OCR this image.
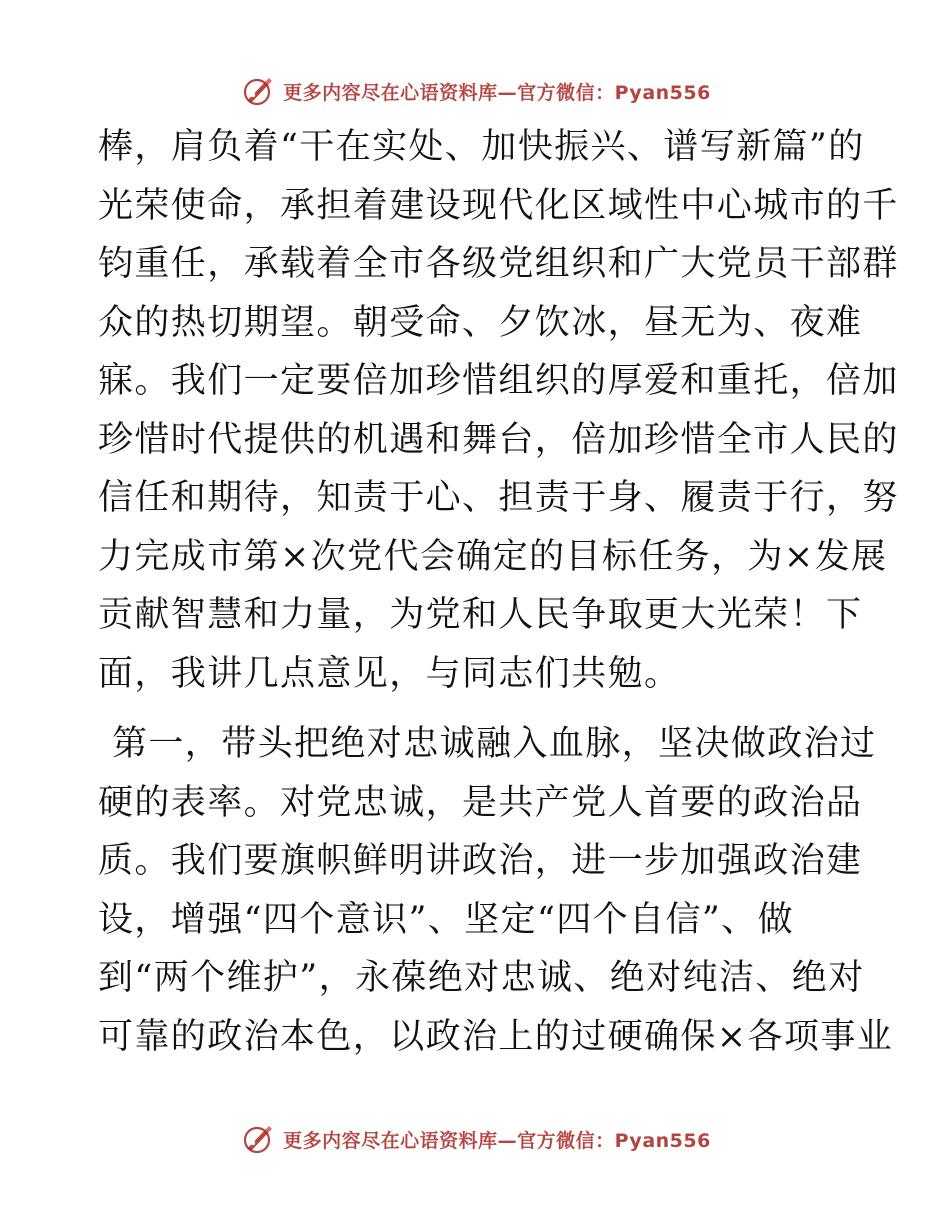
更多内容尽在心语资料库—官方微信：Pyan556
棒，肩负着“干在实处、加快振兴、谱写新篇”的
光荣使命，承担着建设现代化区域性中心城市的千
钧重任，承载着全市各级党组织和广大党员干部群
众的热切期望。朝受命、夕饮冰，昼无为、夜难
寐。我们一定要倍加珍惜组织的厚爱和重托，倍加
珍惜时代提供的机遇和舞台，倍加珍惜全市人民的
信任和期待，知责于心、担责于身、履责于行，努
力完成市第×次党代会确定的目标任务，为×发展
贡献智慧和力量，为党和人民争取更大光荣！下
面，我讲几点意见，与同志们共勉。
第一，带头把绝对忠诚融入血脉，坚决做政治过
硬的表率。对党忠诚，是共产党人首要的政治品
质。我们要旗帜鲜明讲政治，进一步加强政治建
设，增强“四个意识”、坚定“四个自信”、做
到“两个维护”，永葆绝对忠诚、绝对纯洁、绝对
可靠的政治本色，以政治上的过硬确保×各项事业
更多内容尽在心语资料库—官方微信：Pyan556
